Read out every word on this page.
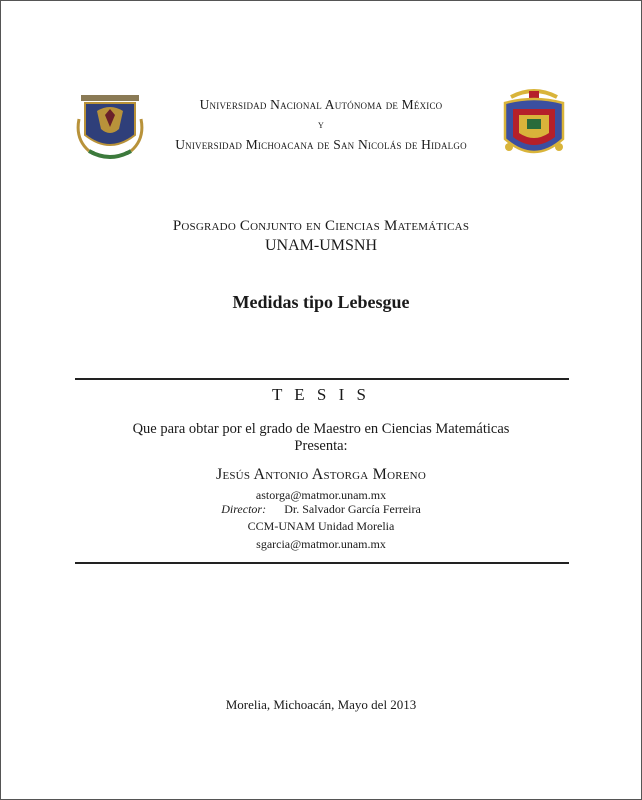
Universidad Nacional Autónoma de México
y
Universidad Michoacana de San Nicolás de Hidalgo
Posgrado Conjunto en Ciencias Matemáticas
UNAM-UMSNH
Medidas tipo Lebesgue
T E S I S
Que para obtar por el grado de Maestro en Ciencias Matemáticas
Presenta:
Jesús Antonio Astorga Moreno
astorga@matmor.unam.mx
Director: Dr. Salvador García Ferreira
CCM-UNAM Unidad Morelia
sgarcia@matmor.unam.mx
Morelia, Michoacán, Mayo del 2013
